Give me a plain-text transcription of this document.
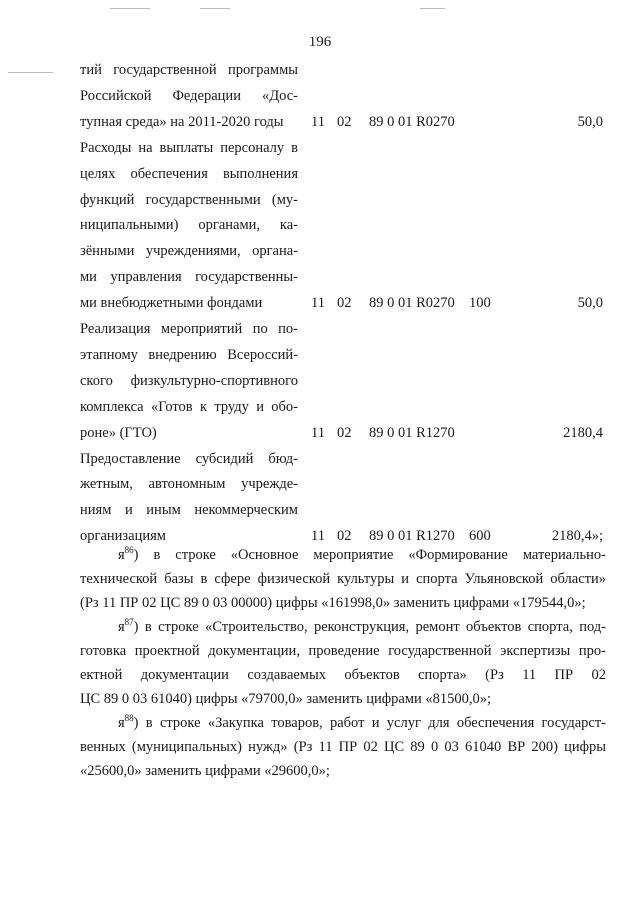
196
тий государственной программы
Российской Федерации «Дос-
тупная среда» на 2011-2020 годы	11 02 89 0 01 R0270	50,0
Расходы на выплаты персоналу в
целях обеспечения выполнения
функций государственными (му-
ниципальными) органами, ка-
зёнными учреждениями, органа-
ми управления государственны-
ми внебюджетными фондами	11 02 89 0 01 R0270 100	50,0
Реализация мероприятий по по-
этапному внедрению Всероссий-
ского физкультурно-спортивного
комплекса «Готов к труду и обо-
роне» (ГТО)	11 02 89 0 01 R1270	2180,4
Предоставление субсидий бюд-
жетным, автономным учрежде-
ниям и иным некоммерческим
организациям	11 02 89 0 01 R1270 600	2180,4»;
$я^{86}$) в строке «Основное мероприятие «Формирование материально-
технической базы в сфере физической культуры и спорта Ульяновской области»
(Рз 11 ПР 02 ЦС 89 0 03 00000) цифры «161998,0» заменить цифрами «179544,0»;
$я^{87}$) в строке «Строительство, реконструкция, ремонт объектов спорта, под-
готовка проектной документации, проведение государственной экспертизы про-
ектной документации создаваемых объектов спорта» (Рз 11 ПР 02
ЦС 89 0 03 61040) цифры «79700,0» заменить цифрами «81500,0»;
$я^{88}$) в строке «Закупка товаров, работ и услуг для обеспечения государст-
венных (муниципальных) нужд» (Рз 11 ПР 02 ЦС 89 0 03 61040 ВР 200) цифры
«25600,0» заменить цифрами «29600,0»;
